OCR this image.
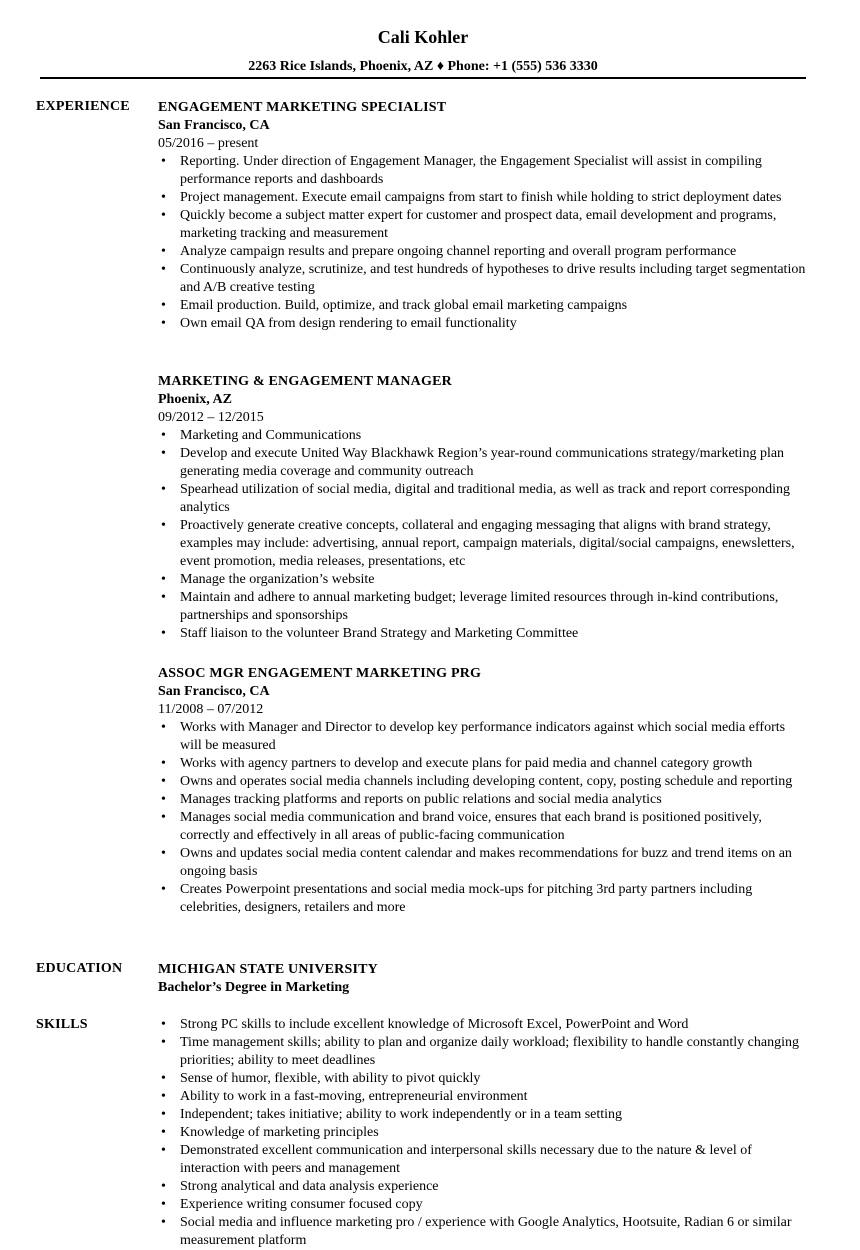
Cali Kohler
2263 Rice Islands, Phoenix, AZ ♦ Phone: +1 (555) 536 3330
EXPERIENCE ENGAGEMENT MARKETING SPECIALIST
San Francisco, CA
05/2016 – present
• Reporting. Under direction of Engagement Manager, the Engagement Specialist will assist in compiling performance reports and dashboards
• Project management. Execute email campaigns from start to finish while holding to strict deployment dates
• Quickly become a subject matter expert for customer and prospect data, email development and programs, marketing tracking and measurement
• Analyze campaign results and prepare ongoing channel reporting and overall program performance
• Continuously analyze, scrutinize, and test hundreds of hypotheses to drive results including target segmentation and A/B creative testing
• Email production. Build, optimize, and track global email marketing campaigns
• Own email QA from design rendering to email functionality
MARKETING & ENGAGEMENT MANAGER
Phoenix, AZ
09/2012 – 12/2015
• Marketing and Communications
• Develop and execute United Way Blackhawk Region’s year-round communications strategy/marketing plan generating media coverage and community outreach
• Spearhead utilization of social media, digital and traditional media, as well as track and report corresponding analytics
• Proactively generate creative concepts, collateral and engaging messaging that aligns with brand strategy, examples may include: advertising, annual report, campaign materials, digital/social campaigns, enewsletters, event promotion, media releases, presentations, etc
• Manage the organization’s website
• Maintain and adhere to annual marketing budget; leverage limited resources through in-kind contributions, partnerships and sponsorships
• Staff liaison to the volunteer Brand Strategy and Marketing Committee
ASSOC MGR ENGAGEMENT MARKETING PRG
San Francisco, CA
11/2008 – 07/2012
• Works with Manager and Director to develop key performance indicators against which social media efforts will be measured
• Works with agency partners to develop and execute plans for paid media and channel category growth
• Owns and operates social media channels including developing content, copy, posting schedule and reporting
• Manages tracking platforms and reports on public relations and social media analytics
• Manages social media communication and brand voice, ensures that each brand is positioned positively, correctly and effectively in all areas of public-facing communication
• Owns and updates social media content calendar and makes recommendations for buzz and trend items on an ongoing basis
• Creates Powerpoint presentations and social media mock-ups for pitching 3rd party partners including celebrities, designers, retailers and more
EDUCATION	MICHIGAN STATE UNIVERSITY
Bachelor’s Degree in Marketing
SKILLS
•	Strong PC skills to include excellent knowledge of Microsoft Excel, PowerPoint and Word
• Time management skills; ability to plan and organize daily workload; flexibility to handle constantly changing priorities; ability to meet deadlines
• Sense of humor, flexible, with ability to pivot quickly
• Ability to work in a fast-moving, entrepreneurial environment
• Independent; takes initiative; ability to work independently or in a team setting
• Knowledge of marketing principles
• Demonstrated excellent communication and interpersonal skills necessary due to the nature & level of interaction with peers and management
• Strong analytical and data analysis experience
• Experience writing consumer focused copy
• Social media and influence marketing pro / experience with Google Analytics, Hootsuite, Radian 6 or similar measurement platform
